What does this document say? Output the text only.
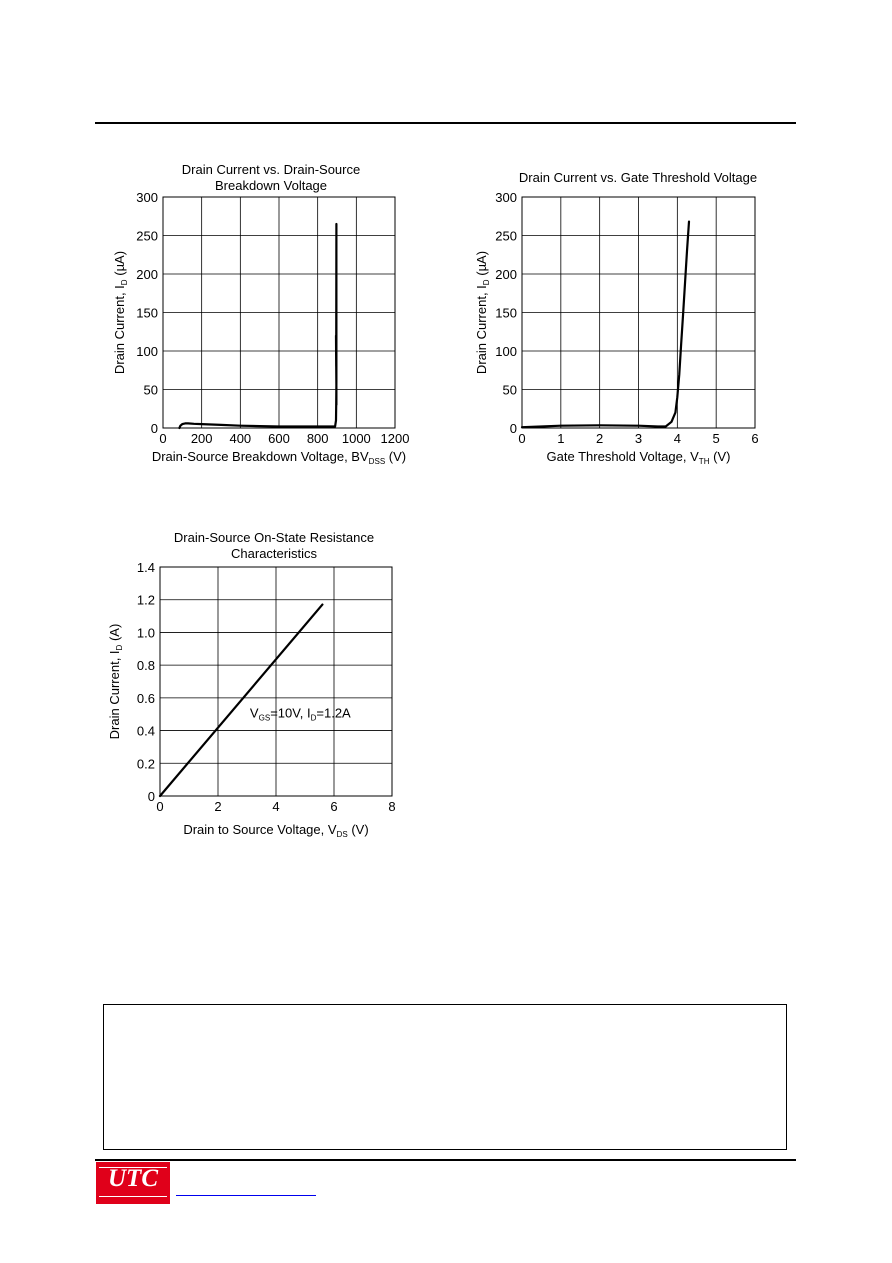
Drain Current vs. Drain-Source
Breakdown Voltage
0 200 400 600 800 1000 1200
0
50
100
150
200
250
300
Drain-Source Breakdown Voltage, $BV_{DSS}$ (V)
Drain Current, $I_D$ (µA)
Drain Current vs. Gate Threshold Voltage
0 1 2 3 4 5 6
0
50
100
150
200
250
300
Gate Threshold Voltage, $V_{TH}$ (V)
Drain Current, $I_D$ (µA)
Drain-Source On-State Resistance
Characteristics
0	2	4	6	8
0
0.2
0.4
0.6
0.8
1.0
1.2
1.4
Drain to Source Voltage, $V_{DS}$ (V)
Drain Current, $I_D$ (A)
$V_{GS}=10V$, $I_D=1.2A$
UTC
